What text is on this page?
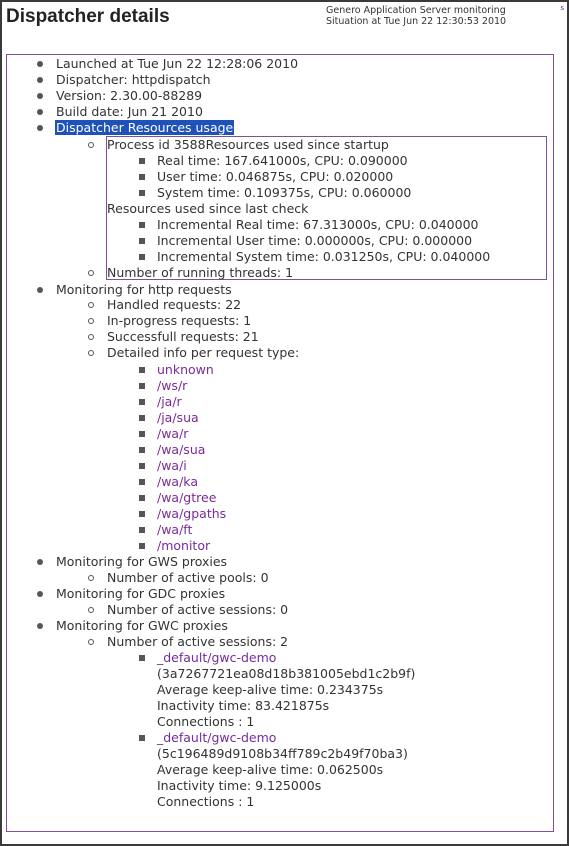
Dispatcher details	Genero Application Server monitoring
Situation at Tue Jun 22 12:30:53 2010
s
Launched at Tue Jun 22 12:28:06 2010
Dispatcher: httpdispatch
Version: 2.30.00-88289
Build date: Jun 21 2010
Dispatcher Resources usage
Process id 3588Resources used since startup
Real time: 167.641000s, CPU: 0.090000
User time: 0.046875s, CPU: 0.020000
System time: 0.109375s, CPU: 0.060000
Resources used since last check
Incremental Real time: 67.313000s, CPU: 0.040000
Incremental User time: 0.000000s, CPU: 0.000000
Incremental System time: 0.031250s, CPU: 0.040000
Number of running threads: 1
Monitoring for http requests
Handled requests: 22
In-progress requests: 1
Successfull requests: 21
Detailed info per request type:
unknown
/ws/r
/ja/r
/ja/sua
/wa/r
/wa/sua
/wa/i
/wa/ka
/wa/gtree
/wa/gpaths
/wa/ft
/monitor
Monitoring for GWS proxies
Number of active pools: 0
Monitoring for GDC proxies
Number of active sessions: 0
Monitoring for GWC proxies
Number of active sessions: 2
_default/gwc-demo
(3a7267721ea08d18b381005ebd1c2b9f)
Average keep-alive time: 0.234375s
Inactivity time: 83.421875s
Connections : 1
_default/gwc-demo
(5c196489d9108b34ff789c2b49f70ba3)
Average keep-alive time: 0.062500s
Inactivity time: 9.125000s
Connections : 1
